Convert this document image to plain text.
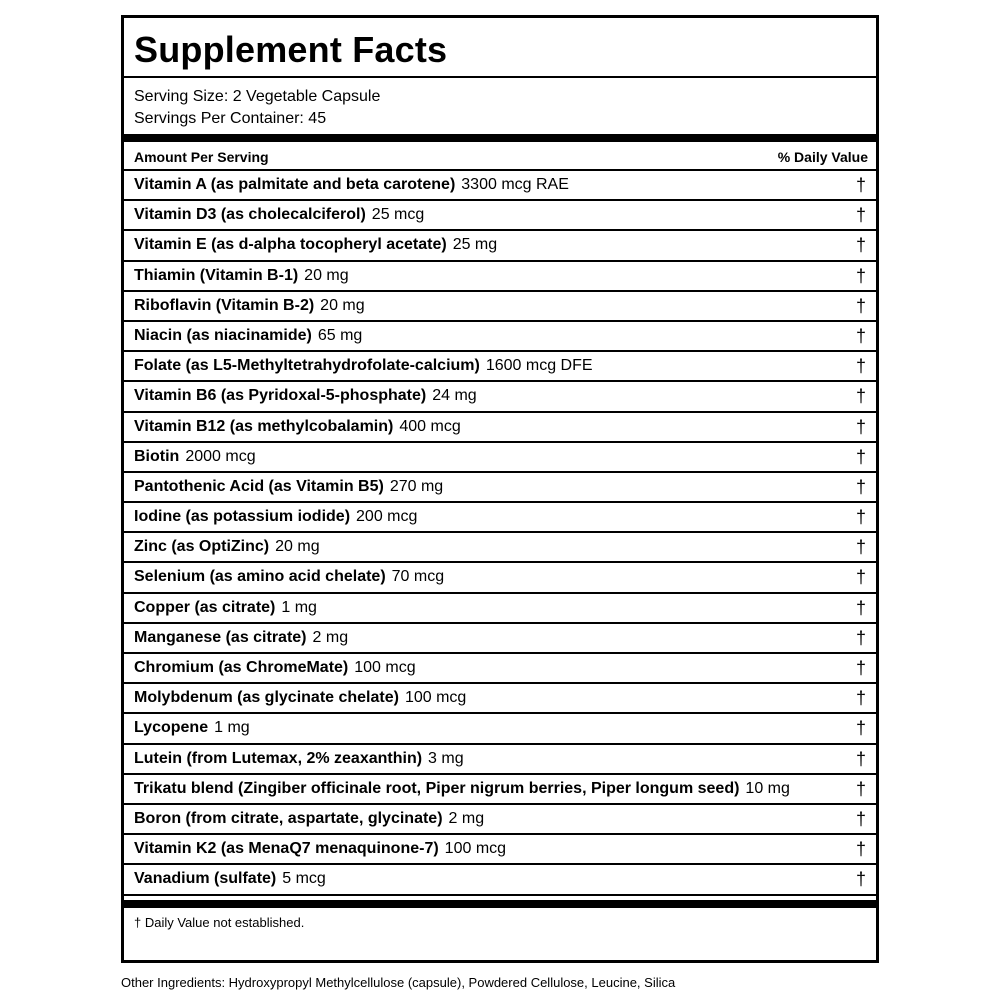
Supplement Facts
Serving Size: 2 Vegetable Capsule
Servings Per Container: 45
Amount Per Serving	% Daily Value
Vitamin A (as palmitate and beta carotene) 3300 mcg RAE	†
Vitamin D3 (as cholecalciferol) 25 mcg	†
Vitamin E (as d-alpha tocopheryl acetate) 25 mg	†
Thiamin (Vitamin B-1) 20 mg	†
Riboflavin (Vitamin B-2) 20 mg	†
Niacin (as niacinamide) 65 mg	†
Folate (as L5-Methyltetrahydrofolate-calcium) 1600 mcg DFE	†
Vitamin B6 (as Pyridoxal-5-phosphate) 24 mg	†
Vitamin B12 (as methylcobalamin) 400 mcg	†
Biotin 2000 mcg	†
Pantothenic Acid (as Vitamin B5) 270 mg	†
Iodine (as potassium iodide) 200 mcg	†
Zinc (as OptiZinc) 20 mg	†
Selenium (as amino acid chelate) 70 mcg	†
Copper (as citrate) 1 mg	†
Manganese (as citrate) 2 mg	†
Chromium (as ChromeMate) 100 mcg	†
Molybdenum (as glycinate chelate) 100 mcg	†
Lycopene 1 mg	†
Lutein (from Lutemax, 2% zeaxanthin) 3 mg	†
Trikatu blend (Zingiber officinale root, Piper nigrum berries, Piper longum seed) 10 mg	†
Boron (from citrate, aspartate, glycinate) 2 mg	†
Vitamin K2 (as MenaQ7 menaquinone-7) 100 mcg	†
Vanadium (sulfate) 5 mcg	†
† Daily Value not established.
Other Ingredients: Hydroxypropyl Methylcellulose (capsule), Powdered Cellulose, Leucine, Silica
